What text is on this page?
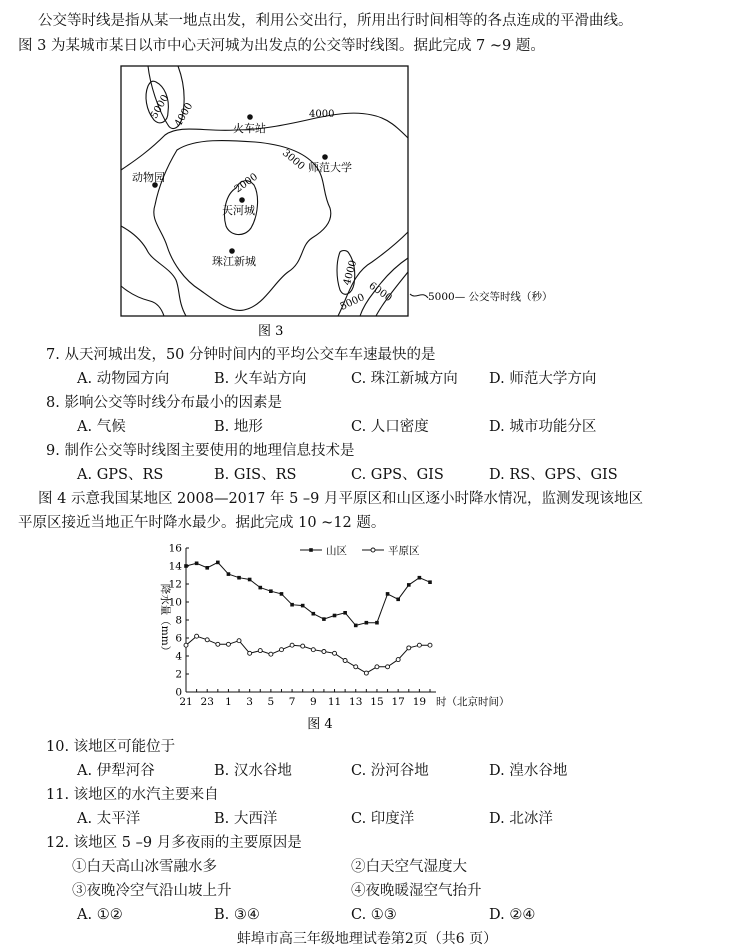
公交等时线是指从某一地点出发，利用公交出行，所用出行时间相等的各点连成的平滑曲线。
图 3 为某城市某日以市中心天河城为出发点的公交等时线图。据此完成 7 ~9 题。
火车站
师范大学
动物园
天河城
珠江新城
2000
3000
4000
4000
5000
4000
5000 6000	5000— 公交等时线（秒）
图 3
7. 从天河城出发，50 分钟时间内的平均公交车车速最快的是
A. 动物园方向	B. 火车站方向	C. 珠江新城方向 D. 师范大学方向
8. 影响公交等时线分布最小的因素是
A. 气候	B. 地形	C. 人口密度	D. 城市功能分区
9. 制作公交等时线图主要使用的地理信息技术是
A. GPS、RS	B. GIS、RS	C. GPS、GIS	D. RS、GPS、GIS
图 4 示意我国某地区 2008—2017 年 5 –9 月平原区和山区逐小时降水情况，监测发现该地区
平原区接近当地正午时降水最少。据此完成 10 ~12 题。
0
2
4
6
8
10
12
14
16
21 23 1 3 5 7 9 11 13 15 17 19 时（北京时间）
降水量（mm）
山区	平原区
图 4
10. 该地区可能位于
A. 伊犁河谷	B. 汉水谷地	C. 汾河谷地	D. 湟水谷地
11. 该地区的水汽主要来自
A. 太平洋	B. 大西洋	C. 印度洋	D. 北冰洋
12. 该地区 5 –9 月多夜雨的主要原因是
①白天高山冰雪融水多	②白天空气湿度大
③夜晚冷空气沿山坡上升	④夜晚暖湿空气抬升
A. ①②	B. ③④	C. ①③	D. ②④
蚌埠市高三年级地理试卷第2页（共6 页）
